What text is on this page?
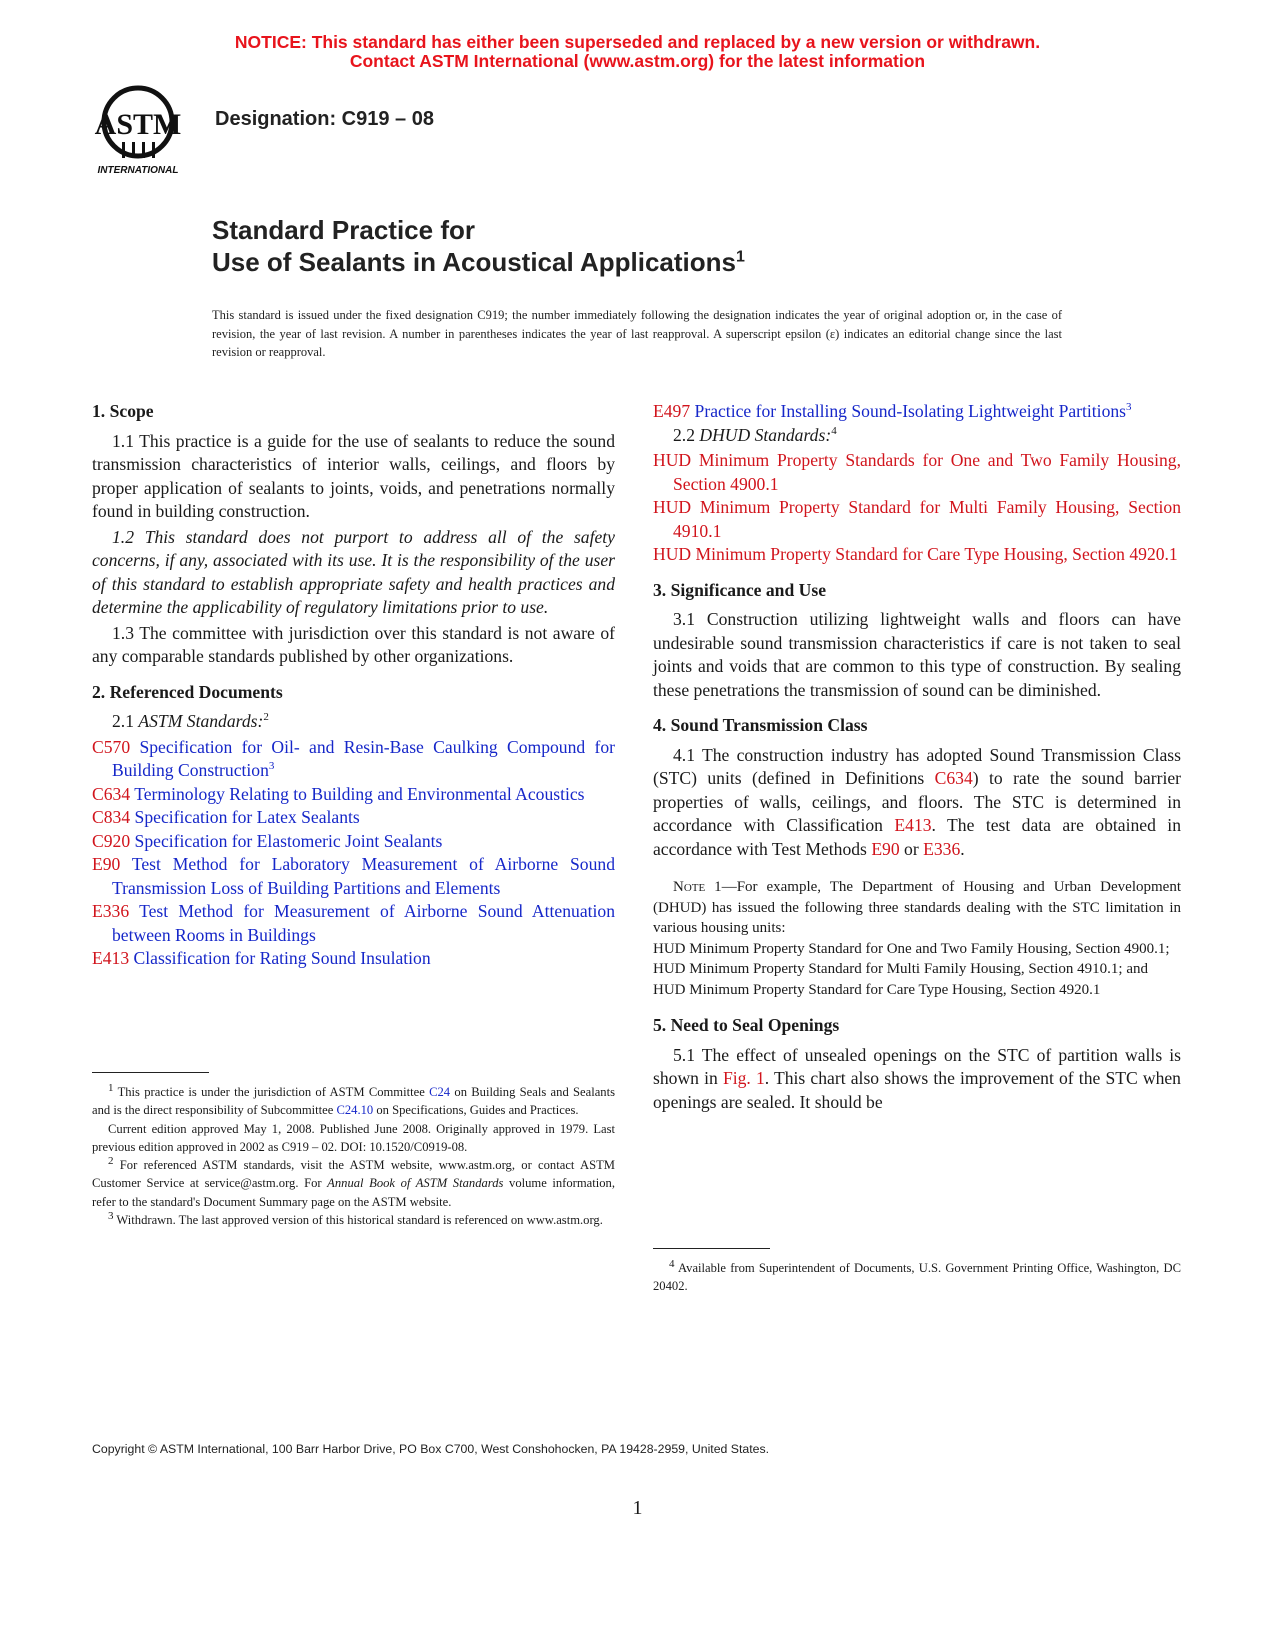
NOTICE: This standard has either been superseded and replaced by a new version or withdrawn.
Contact ASTM International (www.astm.org) for the latest information
ASTM
INTERNATIONAL
Designation: C919 – 08
Standard Practice for
Use of Sealants in Acoustical Applications$^1$
This standard is issued under the fixed designation C919; the number immediately following the designation indicates the year of original adoption or, in the case of revision, the year of last revision. A number in parentheses indicates the year of last reapproval. A superscript epsilon (ε) indicates an editorial change since the last revision or reapproval.
1. Scope

1.1 This practice is a guide for the use of sealants to reduce the sound transmission characteristics of interior walls, ceilings, and floors by proper application of sealants to joints, voids, and penetrations normally found in building construction.

1.2 This standard does not purport to address all of the safety concerns, if any, associated with its use. It is the responsibility of the user of this standard to establish appropriate safety and health practices and determine the applicability of regulatory limitations prior to use.

1.3 The committee with jurisdiction over this standard is not aware of any comparable standards published by other organizations.

2. Referenced Documents

2.1 ASTM Standards:$^2$

C570 Specification for Oil- and Resin-Base Caulking Compound for Building Construction$^3$
C634 Terminology Relating to Building and Environmental Acoustics
C834 Specification for Latex Sealants
C920 Specification for Elastomeric Joint Sealants
E90 Test Method for Laboratory Measurement of Airborne Sound Transmission Loss of Building Partitions and Elements
E336 Test Method for Measurement of Airborne Sound Attenuation between Rooms in Buildings
E413 Classification for Rating Sound Insulation

$^1$ This practice is under the jurisdiction of ASTM Committee C24 on Building Seals and Sealants and is the direct responsibility of Subcommittee C24.10 on Specifications, Guides and Practices.

Current edition approved May 1, 2008. Published June 2008. Originally approved in 1979. Last previous edition approved in 2002 as C919 – 02. DOI: 10.1520/C0919-08.

$^2$ For referenced ASTM standards, visit the ASTM website, www.astm.org, or contact ASTM Customer Service at service@astm.org. For Annual Book of ASTM Standards volume information, refer to the standard's Document Summary page on the ASTM website.

$^3$ Withdrawn. The last approved version of this historical standard is referenced on www.astm.org.

E497 Practice for Installing Sound-Isolating Lightweight Partitions$^3$

2.2 DHUD Standards:$^4$

HUD Minimum Property Standards for One and Two Family Housing, Section 4900.1
HUD Minimum Property Standard for Multi Family Housing, Section 4910.1
HUD Minimum Property Standard for Care Type Housing, Section 4920.1
3. Significance and Use

3.1 Construction utilizing lightweight walls and floors can have undesirable sound transmission characteristics if care is not taken to seal joints and voids that are common to this type of construction. By sealing these penetrations the transmission of sound can be diminished.

4. Sound Transmission Class

4.1 The construction industry has adopted Sound Transmission Class (STC) units (defined in Definitions C634) to rate the sound barrier properties of walls, ceilings, and floors. The STC is determined in accordance with Classification E413. The test data are obtained in accordance with Test Methods E90 or E336.

Note 1—For example, The Department of Housing and Urban Development (DHUD) has issued the following three standards dealing with the STC limitation in various housing units:

HUD Minimum Property Standard for One and Two Family Housing, Section 4900.1;

HUD Minimum Property Standard for Multi Family Housing, Section 4910.1; and

HUD Minimum Property Standard for Care Type Housing, Section 4920.1

5. Need to Seal Openings

5.1 The effect of unsealed openings on the STC of partition walls is shown in Fig. 1. This chart also shows the improvement of the STC when openings are sealed. It should be

$^4$ Available from Superintendent of Documents, U.S. Government Printing Office, Washington, DC 20402.

Copyright © ASTM International, 100 Barr Harbor Drive, PO Box C700, West Conshohocken, PA 19428-2959, United States.
1
